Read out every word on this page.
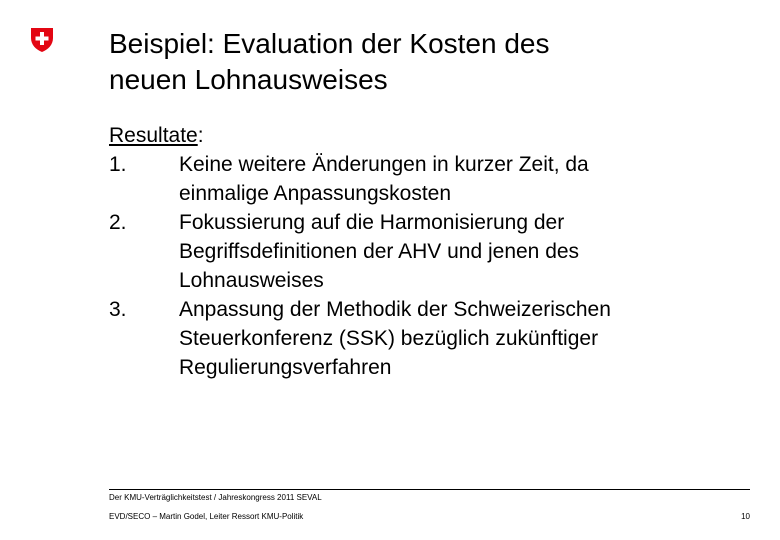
Beispiel: Evaluation der Kosten des
neuen Lohnausweises
Resultate:
1.	Keine weitere Änderungen in kurzer Zeit, da
einmalige Anpassungskosten
2.	Fokussierung auf die Harmonisierung der
Begriffsdefinitionen der AHV und jenen des
Lohnausweises
3.	Anpassung der Methodik der Schweizerischen
Steuerkonferenz (SSK) bezüglich zukünftiger
Regulierungsverfahren
Der KMU-Verträglichkeitstest / Jahreskongress 2011 SEVAL
EVD/SECO – Martin Godel, Leiter Ressort KMU-Politik	10
